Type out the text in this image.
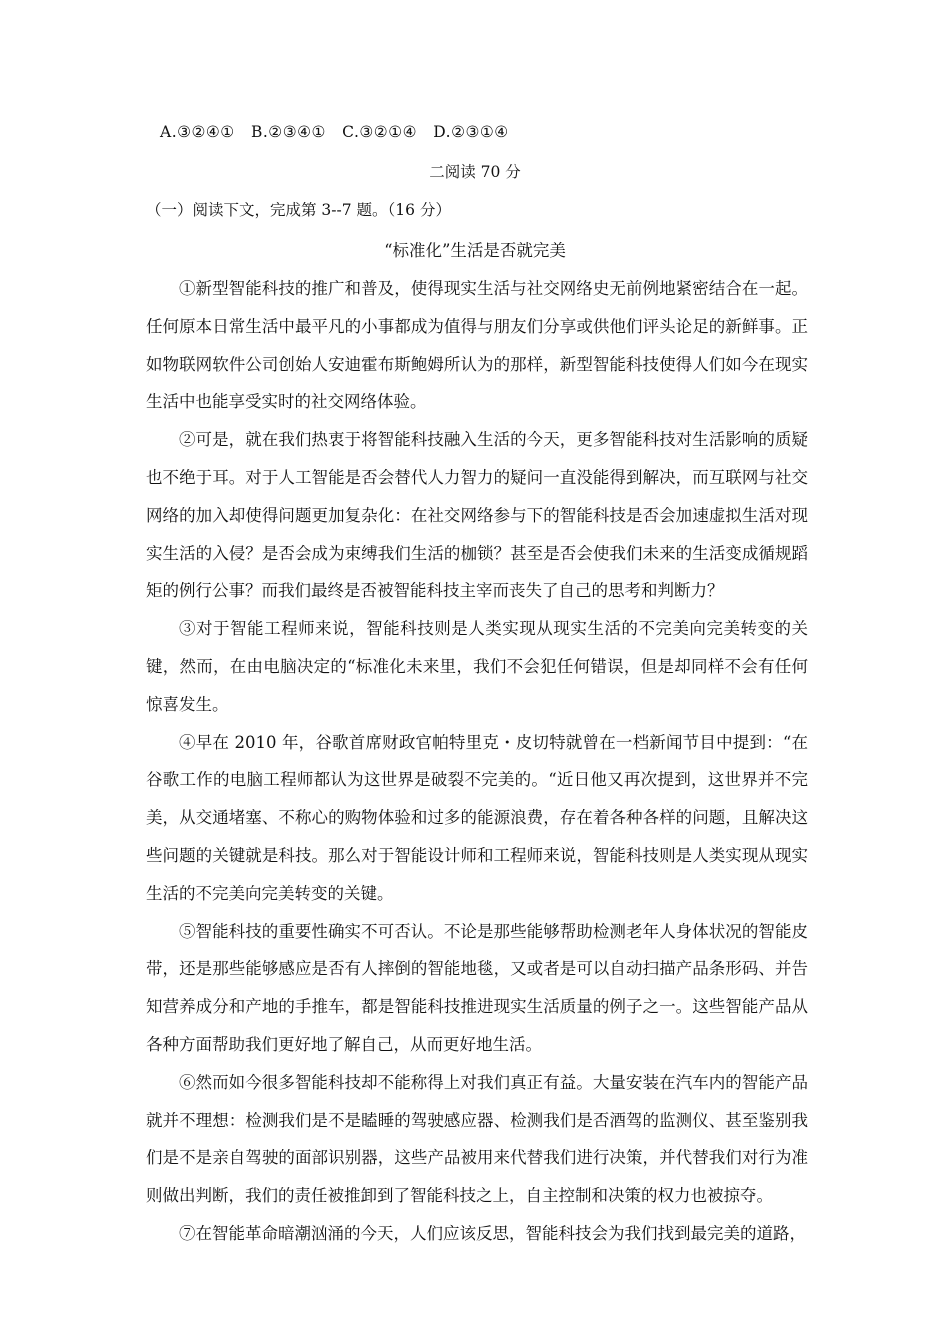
A.③②④①   B.②③④①   C.③②①④   D.②③①④
二阅读 70 分
（一）阅读下文，完成第 3--7 题。（16 分）
“标准化”生活是否就完美

①新型智能科技的推广和普及，使得现实生活与社交网络史无前例地紧密结合在一起。任何原本日常生活中最平凡的小事都成为值得与朋友们分享或供他们评头论足的新鲜事。正如物联网软件公司创始人安迪霍布斯鲍姆所认为的那样，新型智能科技使得人们如今在现实生活中也能享受实时的社交网络体验。

②可是，就在我们热衷于将智能科技融入生活的今天，更多智能科技对生活影响的质疑也不绝于耳。对于人工智能是否会替代人力智力的疑问一直没能得到解决，而互联网与社交网络的加入却使得问题更加复杂化：在社交网络参与下的智能科技是否会加速虚拟生活对现实生活的入侵？是否会成为束缚我们生活的枷锁？甚至是否会使我们未来的生活变成循规蹈矩的例行公事？而我们最终是否被智能科技主宰而丧失了自己的思考和判断力？

③对于智能工程师来说，智能科技则是人类实现从现实生活的不完美向完美转变的关键，然而，在由电脑决定的“标准化未来里，我们不会犯任何错误，但是却同样不会有任何惊喜发生。

④早在 2010 年，谷歌首席财政官帕特里克・皮切特就曾在一档新闻节目中提到：“在谷歌工作的电脑工程师都认为这世界是破裂不完美的。“近日他又再次提到，这世界并不完美，从交通堵塞、不称心的购物体验和过多的能源浪费，存在着各种各样的问题，且解决这些问题的关键就是科技。那么对于智能设计师和工程师来说，智能科技则是人类实现从现实生活的不完美向完美转变的关键。

⑤智能科技的重要性确实不可否认。不论是那些能够帮助检测老年人身体状况的智能皮带，还是那些能够感应是否有人摔倒的智能地毯，又或者是可以自动扫描产品条形码、并告知营养成分和产地的手推车，都是智能科技推进现实生活质量的例子之一。这些智能产品从各种方面帮助我们更好地了解自己，从而更好地生活。

⑥然而如今很多智能科技却不能称得上对我们真正有益。大量安装在汽车内的智能产品就并不理想：检测我们是不是瞌睡的驾驶感应器、检测我们是否酒驾的监测仪、甚至鉴别我们是不是亲自驾驶的面部识别器，这些产品被用来代替我们进行决策，并代替我们对行为准则做出判断，我们的责任被推卸到了智能科技之上，自主控制和决策的权力也被掠夺。

⑦在智能革命暗潮汹涌的今天，人们应该反思，智能科技会为我们找到最完美的道路，
